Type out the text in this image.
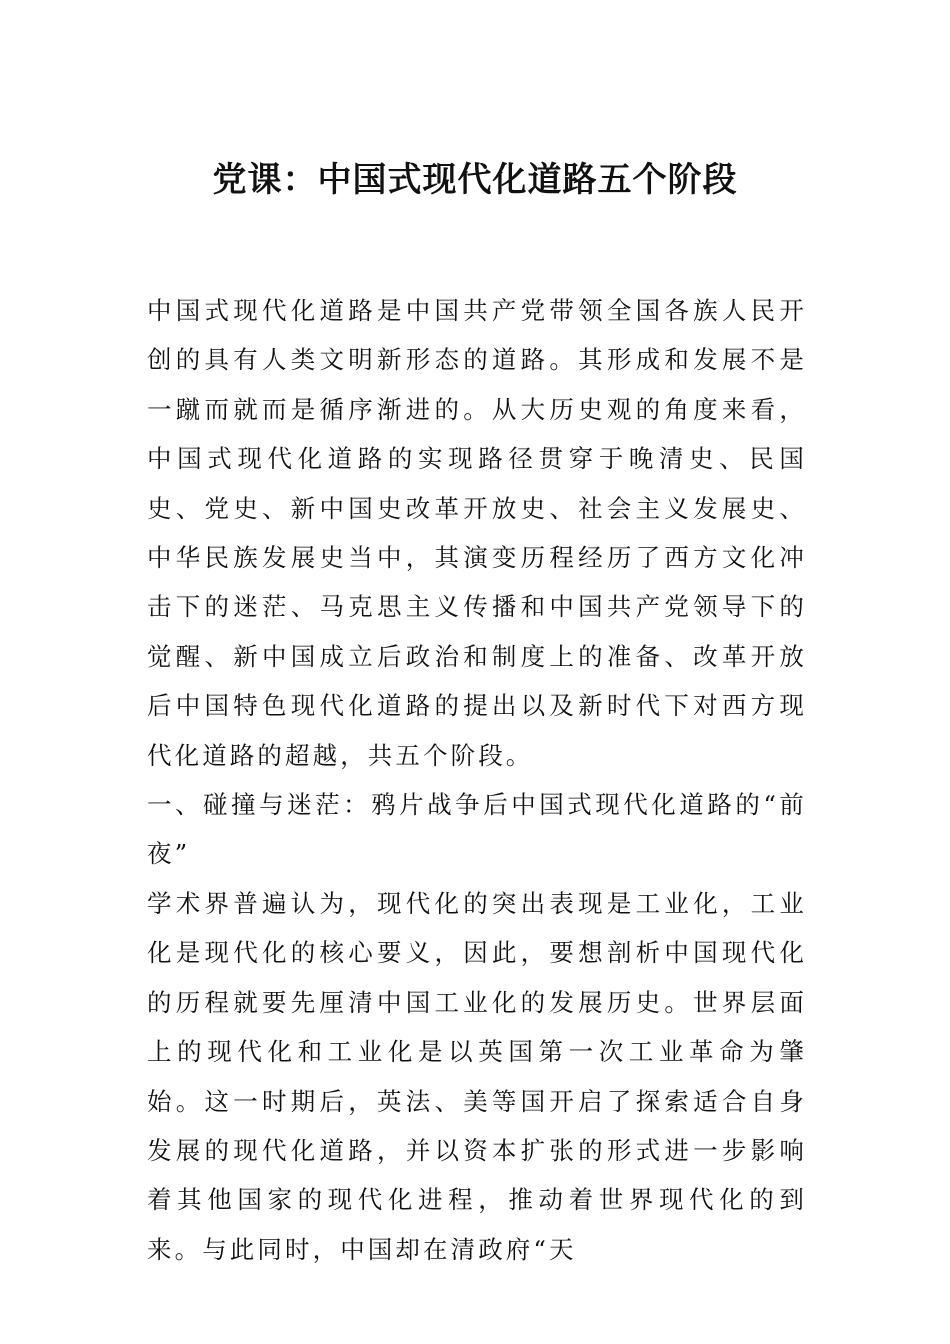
党课：中国式现代化道路五个阶段

中国式现代化道路是中国共产党带领全国各族人民开创的具有人类文明新形态的道路。其形成和发展不是一蹴而就而是循序渐进的。从大历史观的角度来看，中国式现代化道路的实现路径贯穿于晚清史、民国史、党史、新中国史改革开放史、社会主义发展史、中华民族发展史当中，其演变历程经历了西方文化冲击下的迷茫、马克思主义传播和中国共产党领导下的觉醒、新中国成立后政治和制度上的准备、改革开放后中国特色现代化道路的提出以及新时代下对西方现代化道路的超越，共五个阶段。

一、碰撞与迷茫：鸦片战争后中国式现代化道路的“前夜”

学术界普遍认为，现代化的突出表现是工业化，工业化是现代化的核心要义，因此，要想剖析中国现代化的历程就要先厘清中国工业化的发展历史。世界层面上的现代化和工业化是以英国第一次工业革命为肇始。这一时期后，英法、美等国开启了探索适合自身发展的现代化道路，并以资本扩张的形式进一步影响着其他国家的现代化进程，推动着世界现代化的到来。与此同时，中国却在清政府“天
